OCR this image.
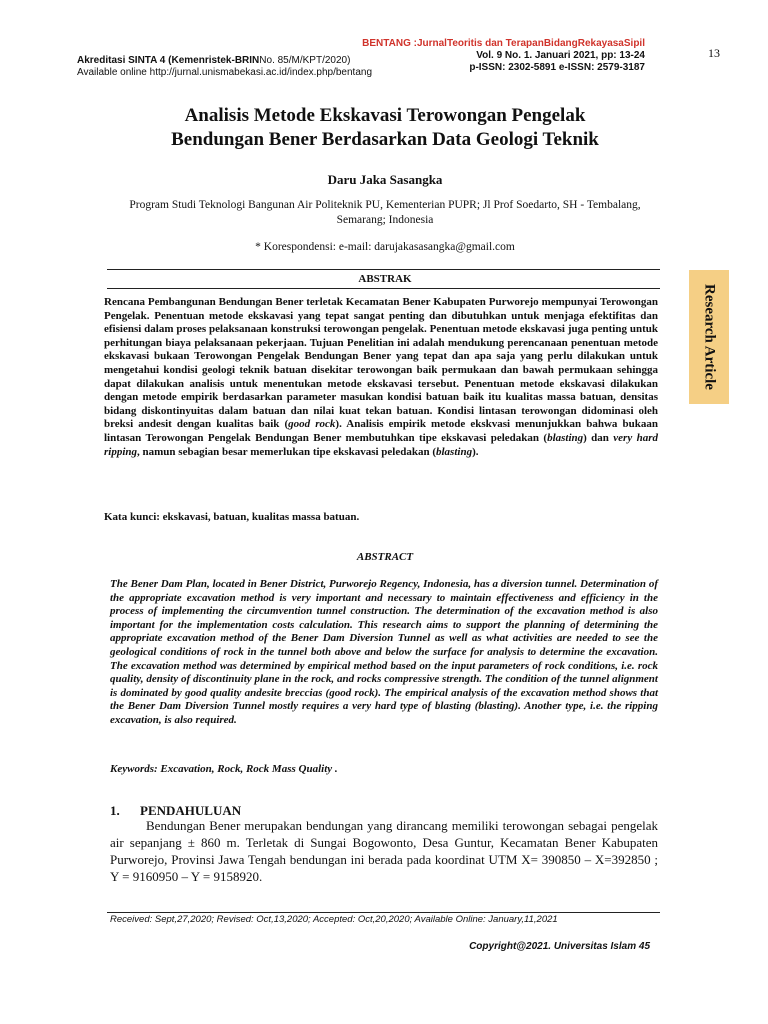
Akreditasi SINTA 4 (Kemenristek-BRINNo. 85/M/KPT/2020)
Available online http://jurnal.unismabekasi.ac.id/index.php/bentang
BENTANG :JurnalTeoritis dan TerapanBidangRekayasaSipil
Vol. 9 No. 1. Januari 2021, pp: 13-24
p-ISSN: 2302-5891 e-ISSN: 2579-3187
13
Analisis Metode Ekskavasi Terowongan Pengelak
Bendungan Bener Berdasarkan Data Geologi Teknik
Daru Jaka Sasangka
Program Studi Teknologi Bangunan Air Politeknik PU, Kementerian PUPR; Jl Prof Soedarto, SH - Tembalang, Semarang; Indonesia
* Korespondensi: e-mail: darujakasasangka@gmail.com
ABSTRAK

Rencana Pembangunan Bendungan Bener terletak Kecamatan Bener Kabupaten Purworejo mempunyai Terowongan Pengelak. Penentuan metode ekskavasi yang tepat sangat penting dan dibutuhkan untuk menjaga efektifitas dan efisiensi dalam proses pelaksanaan konstruksi terowongan pengelak. Penentuan metode ekskavasi juga penting untuk perhitungan biaya pelaksanaan pekerjaan. Tujuan Penelitian ini adalah mendukung perencanaan penentuan metode ekskavasi bukaan Terowongan Pengelak Bendungan Bener yang tepat dan apa saja yang perlu dilakukan untuk mengetahui kondisi geologi teknik batuan disekitar terowongan baik permukaan dan bawah permukaan sehingga dapat dilakukan analisis untuk menentukan metode ekskavasi tersebut. Penentuan metode ekskavasi dilakukan dengan metode empirik berdasarkan parameter masukan kondisi batuan baik itu kualitas massa batuan, densitas bidang diskontinyuitas dalam batuan dan nilai kuat tekan batuan. Kondisi lintasan terowongan didominasi oleh breksi andesit dengan kualitas baik (good rock). Analisis empirik metode ekskvasi menunjukkan bahwa bukaan lintasan Terowongan Pengelak Bendungan Bener membutuhkan tipe ekskavasi peledakan (blasting) dan very hard ripping, namun sebagian besar memerlukan tipe ekskavasi peledakan (blasting).

Kata kunci: ekskavasi, batuan, kualitas massa batuan.
ABSTRACT

The Bener Dam Plan, located in Bener District, Purworejo Regency, Indonesia, has a diversion tunnel. Determination of the appropriate excavation method is very important and necessary to maintain effectiveness and efficiency in the process of implementing the circumvention tunnel construction. The determination of the excavation method is also important for the implementation costs calculation. This research aims to support the planning of determining the appropriate excavation method of the Bener Dam Diversion Tunnel as well as what activities are needed to see the geological conditions of rock in the tunnel both above and below the surface for analysis to determine the excavation. The excavation method was determined by empirical method based on the input parameters of rock conditions, i.e. rock quality, density of discontinuity plane in the rock, and rocks compressive strength. The condition of the tunnel alignment is dominated by good quality andesite breccias (good rock). The empirical analysis of the excavation method shows that the Bener Dam Diversion Tunnel mostly requires a very hard type of blasting (blasting). Another type, i.e. the ripping excavation, is also required.

Keywords: Excavation, Rock, Rock Mass Quality .
1. PENDAHULUAN

Bendungan Bener merupakan bendungan yang dirancang memiliki terowongan sebagai pengelak air sepanjang ± 860 m. Terletak di Sungai Bogowonto, Desa Guntur, Kecamatan Bener Kabupaten Purworejo, Provinsi Jawa Tengah bendungan ini berada pada koordinat UTM X= 390850 – X=392850 ; Y = 9160950 – Y = 9158920.

Received: Sept,27,2020; Revised: Oct,13,2020; Accepted: Oct,20,2020; Available Online: January,11,2021
Copyright@2021. Universitas Islam 45
Research Article
